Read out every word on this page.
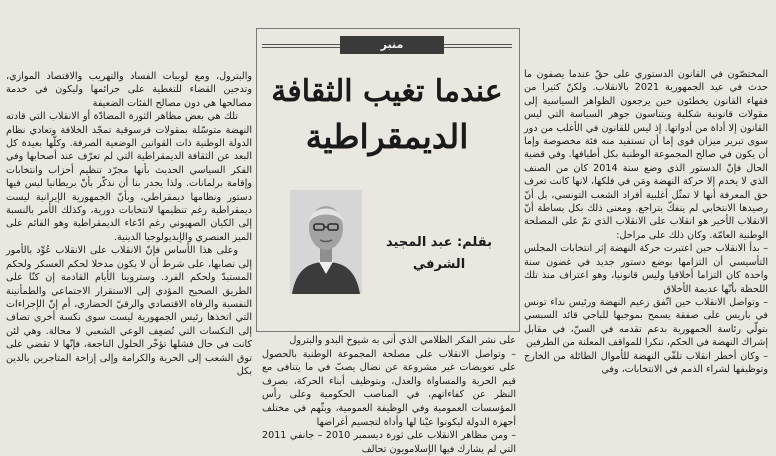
منبر
عندما تغيب الثقافة
الديمقراطية
بقلم: عبد المجيد
الشرفي

المختصّون في القانون الدستوري على حقّ عندما يصفون ما حدث في عيد الجمهورية 2021 بالانقلاب. ولكنّ كثيرا من فقهاء القانون يخطئون حين يرجعون الظواهر السياسية إلى مقولات قانونية شكلية ويتناسون جوهر السياسة التي ليس القانون إلا أداة من أدواتها. إذ ليس للقانون في الأغلب من دور سوى تبرير ميزان قوى إما أن تستفيد منه فئة مخصوصة وإما أن يكون في صالح المجموعة الوطنية بكل أطيافها. وفي قضية الحال فإنّ الدستور الذي وضع سنة 2014 كان من الصنف الذي لا يخدم إلا حركة النهضة ومَن في فلكها، لانها كانت تعرف حق المعرفة أنها لا تمثّل أغلبية أفراد الشعب التونسي، بل أنّ رصيدها الانتخابي لم ينفكّ يتراجع. ومعنى ذلك بكل بساطة أنّ الانقلاب الأخير هو انقلاب على الانقلاب الذي تمّ على المصلحة الوطنية العامّة. وكان ذلك على مراحل:

– بدأ الانقلاب حين اعتبرت حركة النهضة إثر انتخابات المجلس التأسيسي أن التزامها بوضع دستور جديد في غضون سنة واحدة كان التزاما أخلاقيا وليس قانونيا، وهو اعتراف منذ تلك اللحظة بأنّها عديمة الأخلاق

– وتواصل الانقلاب حين اتّفق زعيم النهضة ورئيس نداء تونس في باريس على صفقة يسمح بموجبها للباجي قائد السبسي بتولّي رئاسة الجمهورية بدعم تقدمه في السنّ، في مقابل إشراك النهضة في الحكم، تنكرا للمواقف المعلنة من الطرفين

– وكان أخطر انقلاب تلقّي النهضة للأموال الطائلة من الخارج وتوظيفها لشراء الذمم في الانتخابات، وفي

على نشر الفكر الظلامي الذي أتى به شيوخ البدو والبترول

– وتواصل الانقلاب على مصلحة المجموعة الوطنية بالحصول على تعويضات غير مشروعة عن نضال يصبّ في ما يتنافى مع قيم الحرية والمساواة والعدل، وبتوظيف أبناء الحركة، بصرف النظر عن كفاءاتهم، في المناصب الحكومية وعلى رأس المؤسسات العمومية وفي الوظيفة العمومية، وبثّهم في مختلف أجهزة الدولة ليكونوا عيْنا لها وأداة لتجسيم أغراضها

– ومن مظاهر الانقلاب على ثورة ديسمبر 2010 – جانفي 2011 التي لم يشارك فيها الإسلامويون تحالف

والبترول، ومع لوبيات الفساد والتهريب والاقتصاد الموازي، وتدجين القضاء للتغطية على جرائمها وليكون في خدمة مصالحها هي دون مصالح الفئات الضعيفة

تلك هي بعض مظاهر الثورة المضادّة أو الانقلاب التي قادته النهضة متوسّلة بمقولات فرسوقية تمجّد الخلافة وتعادي نظام الدولة الوطنية ذات القوانين الوضعية الصرفة. وكلّها بعيدة كل البعد عن الثقافة الديمقراطية التي لم تعرّف عند أصحابها وفي الفكر السياسي الحديث بأنها مجرّد تنظيم أحزاب وانتخابات وإقامة برلمانات. ولذا يجدر بنا أن نذكّر بأنّ بريطانيا ليس فيها دستور ونظامها ديمقراطي، وبأنّ الجمهورية الإيرانية ليست ديمقراطية رغم تنظيمها لانتخابات دورية، وكذلك الأمر بالنسبة إلى الكيان الصهيوني رغم ادّعاء الديمقراطية وهو القائم على الميز العنصري والإيديولوجيا الدينية.

وعلى هذا الأساس فإنّ الانقلاب على الانقلاب عُوِّد بالأمور إلى نصابها، على شرط أن لا يكون مدخلا لحكم العسكر ولحكم المستبدّ ولحكم الفرد. وستروينا الأيام القادمة إن كنّا على الطريق الصحيح المؤدي إلى الاستقرار الاجتماعي والطمأنينة النفسية والرفاه الاقتصادي والرقيّ الحضاري، أم إنّ الإجراءات التي اتخذها رئيس الجمهورية ليست سوى نكسة أخرى تضاف إلى النكسات التي تُضعِف الوعي الشعبي لا محالة. وهي لئن كانت في حال فشلها تؤخّر الحلول الناجعة، فإنّها لا تقضي على توق الشعب إلى الحرية والكرامة وإلى إزاحة المتاجرين بالدين بكل
